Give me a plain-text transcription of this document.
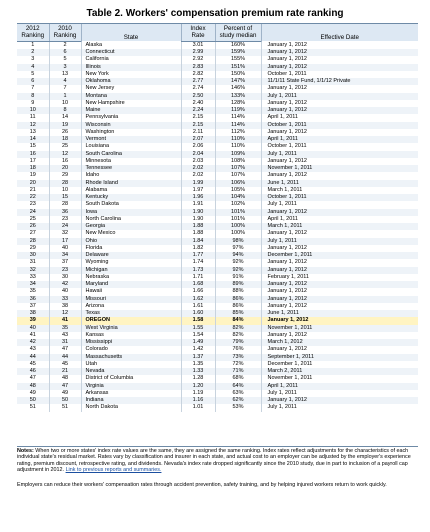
Table 2. Workers' compensation premium rate ranking
2012	2010	State	Index	Percent of	Effective Date
Ranking	Ranking		Rate	study median	
1	2	Alaska	3.01	160%	January 1, 2012
2	6	Connecticut	2.99	159%	January 1, 2012
3	5	California	2.92	155%	January 1, 2012
4	3	Illinois	2.83	151%	January 1, 2012
5	13	New York	2.82	150%	October 1, 2011
6	4	Oklahoma	2.77	147%	11/1/11 State Fund, 1/1/12 Private
7	7	New Jersey	2.74	146%	January 1, 2012
8	1	Montana	2.50	133%	July 1, 2011
9	10	New Hampshire	2.40	128%	January 1, 2012
10	8	Maine	2.24	119%	January 1, 2012
11	14	Pennsylvania	2.15	114%	April 1, 2011
12	19	Wisconsin	2.15	114%	October 1, 2011
13	26	Washington	2.11	112%	January 1, 2012
14	18	Vermont	2.07	110%	April 1, 2011
15	25	Louisiana	2.06	110%	October 1, 2011
16	12	South Carolina	2.04	109%	July 1, 2011
17	16	Minnesota	2.03	108%	January 1, 2012
18	20	Tennessee	2.02	107%	November 1, 2011
19	29	Idaho	2.02	107%	January 1, 2012
20	28	Rhode Island	1.99	106%	June 1, 2011
21	10	Alabama	1.97	105%	March 1, 2011
22	15	Kentucky	1.96	104%	October 1, 2011
23	28	South Dakota	1.91	102%	July 1, 2011
24	36	Iowa	1.90	101%	January 1, 2012
25	23	North Carolina	1.90	101%	April 1, 2011
26	24	Georgia	1.88	100%	March 1, 2011
27	32	New Mexico	1.88	100%	January 1, 2012
28	17	Ohio	1.84	98%	July 1, 2011
29	40	Florida	1.82	97%	January 1, 2012
30	34	Delaware	1.77	94%	December 1, 2011
31	37	Wyoming	1.74	92%	January 1, 2012
32	23	Michigan	1.73	92%	January 1, 2012
33	30	Nebraska	1.71	91%	February 1, 2011
34	42	Maryland	1.68	89%	January 1, 2012
35	40	Hawaii	1.66	88%	January 1, 2012
36	33	Missouri	1.62	86%	January 1, 2012
37	38	Arizona	1.61	86%	January 1, 2012
38	12	Texas	1.60	85%	June 1, 2011
39	41	OREGON	1.58	84%	January 1, 2012
40	35	West Virginia	1.55	82%	November 1, 2011
41	43	Kansas	1.54	82%	January 1, 2012
42	31	Mississippi	1.49	79%	March 1, 2012
43	47	Colorado	1.42	76%	January 1, 2012
44	44	Massachusetts	1.37	73%	September 1, 2011
45	45	Utah	1.35	72%	December 1, 2011
46	21	Nevada	1.33	71%	March 2, 2011
47	48	District of Columbia	1.28	68%	November 1, 2011
48	47	Virginia	1.20	64%	April 1, 2011
49	49	Arkansas	1.19	63%	July 1, 2011
50	50	Indiana	1.16	62%	January 1, 2012
51	51	North Dakota	1.01	53%	July 1, 2011
Notes: When two or more states' index rate values are the same, they are assigned the same ranking. Index rates reflect adjustments for the characteristics of each individual state's residual market. Rates vary by classification and insurer in each state, and actual cost to an employer can be adjusted by the employer's experience rating, premium discount, retrospective rating, and dividends. Nevada's index rate dropped significantly since the 2010 study, due in part to inclusion of a payroll cap adjustment in 2012. Link to previous reports and summaries.
Employers can reduce their workers' compensation rates through accident prevention, safety training, and by helping injured workers return to work quickly.
